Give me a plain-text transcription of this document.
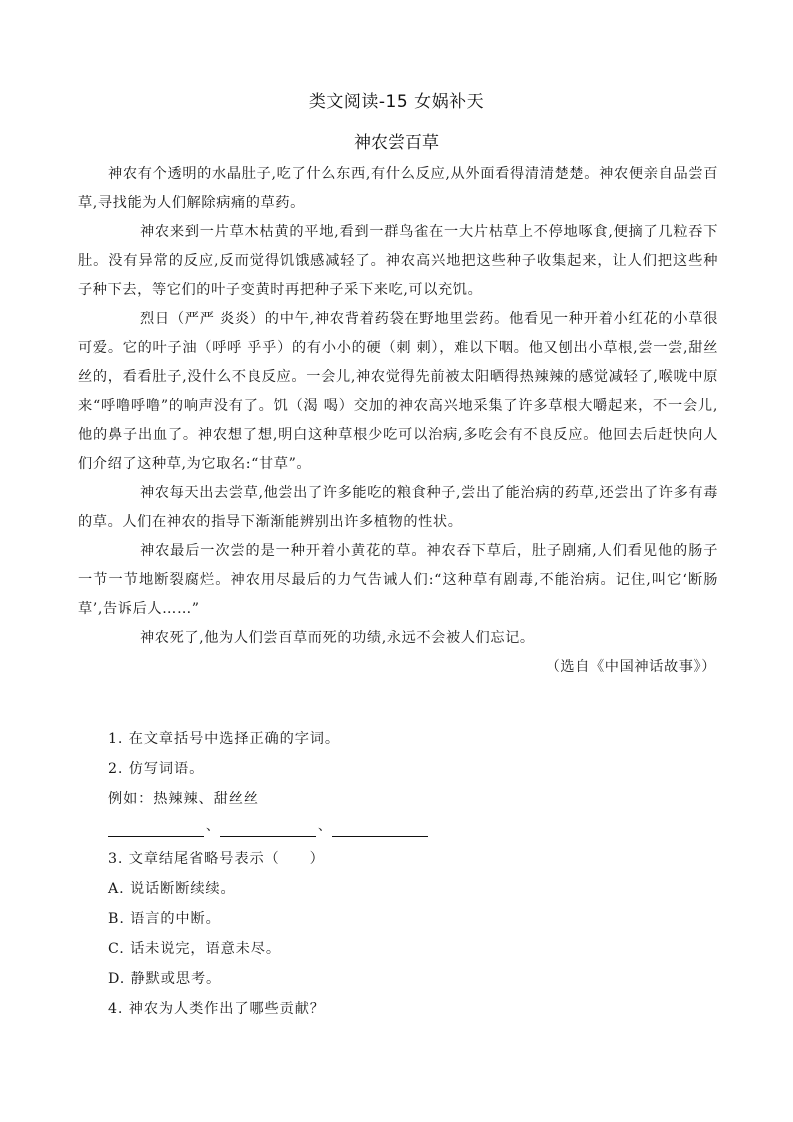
类文阅读-15 女娲补天
神农尝百草

神农有个透明的水晶肚子,吃了什么东西,有什么反应,从外面看得清清楚楚。神农便亲自品尝百草,寻找能为人们解除病痛的草药。

神农来到一片草木枯黄的平地,看到一群鸟雀在一大片枯草上不停地啄食,便摘了几粒吞下肚。没有异常的反应,反而觉得饥饿感减轻了。神农高兴地把这些种子收集起来，让人们把这些种子种下去，等它们的叶子变黄时再把种子采下来吃,可以充饥。

烈日（严严 炎炎）的中午,神农背着药袋在野地里尝药。他看见一种开着小红花的小草很可爱。它的叶子油（呼呼 乎乎）的有小小的硬（刺 刺），难以下咽。他又刨出小草根,尝一尝,甜丝丝的，看看肚子,没什么不良反应。一会儿,神农觉得先前被太阳晒得热辣辣的感觉减轻了,喉咙中原来“呼噜呼噜”的响声没有了。饥（渴 喝）交加的神农高兴地采集了许多草根大嚼起来，不一会儿,他的鼻子出血了。神农想了想,明白这种草根少吃可以治病,多吃会有不良反应。他回去后赶快向人们介绍了这种草,为它取名:“甘草”。

神农每天出去尝草,他尝出了许多能吃的粮食种子,尝出了能治病的药草,还尝出了许多有毒的草。人们在神农的指导下渐渐能辨别出许多植物的性状。

神农最后一次尝的是一种开着小黄花的草。神农吞下草后，肚子剧痛,人们看见他的肠子一节一节地断裂腐烂。神农用尽最后的力气告诫人们:“这种草有剧毒,不能治病。记住,叫它‘断肠草’,告诉后人……”

神农死了,他为人们尝百草而死的功绩,永远不会被人们忘记。

（选自《中国神话故事》）

1. 在文章括号中选择正确的字词。

2. 仿写词语。

例如：热辣辣、甜丝丝

、	、

3. 文章结尾省略号表示（ ）

A. 说话断断续续。

B. 语言的中断。

C. 话未说完，语意未尽。

D. 静默或思考。

4. 神农为人类作出了哪些贡献？
